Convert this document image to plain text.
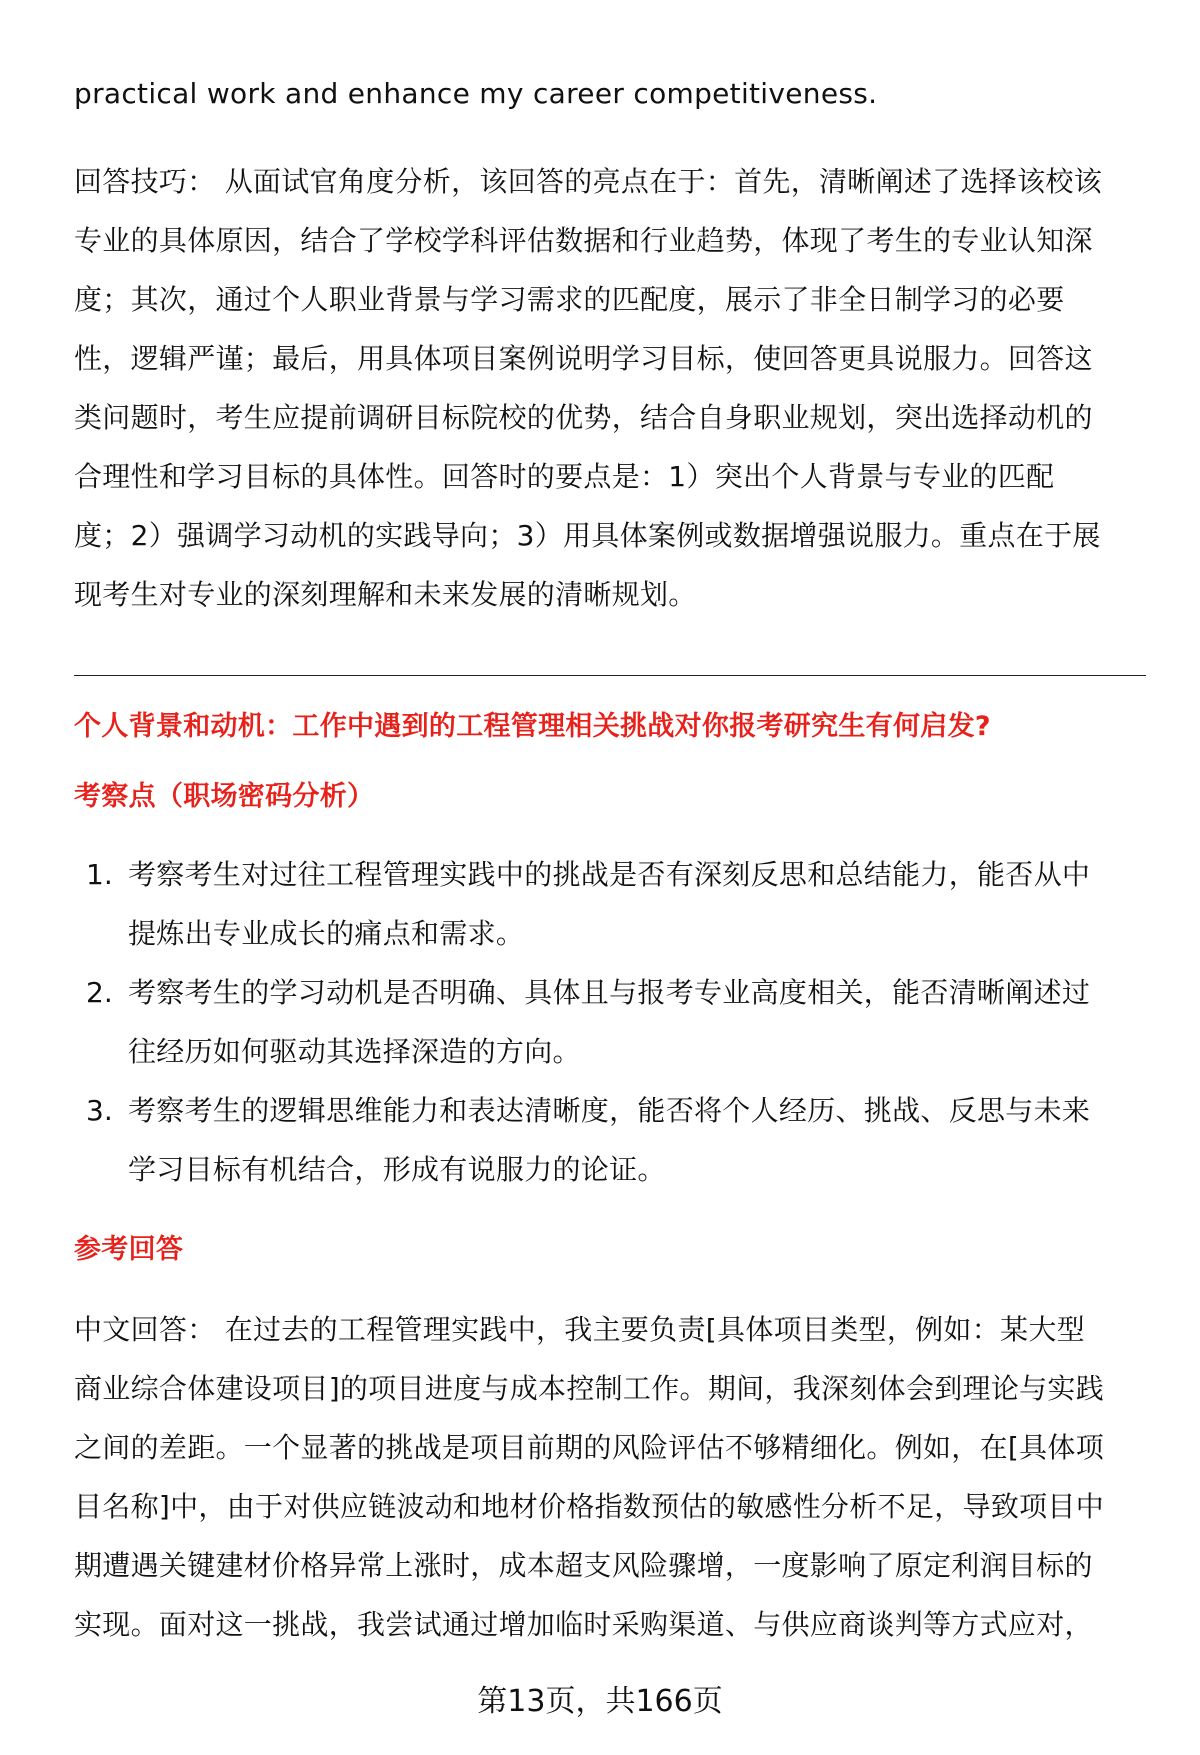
practical work and enhance my career competitiveness.
回答技巧： 从面试官角度分析，该回答的亮点在于：首先，清晰阐述了选择该校该
专业的具体原因，结合了学校学科评估数据和行业趋势，体现了考生的专业认知深
度；其次，通过个人职业背景与学习需求的匹配度，展示了非全日制学习的必要
性，逻辑严谨；最后，用具体项目案例说明学习目标，使回答更具说服力。回答这
类问题时，考生应提前调研目标院校的优势，结合自身职业规划，突出选择动机的
合理性和学习目标的具体性。回答时的要点是：1）突出个人背景与专业的匹配
度；2）强调学习动机的实践导向；3）用具体案例或数据增强说服力。重点在于展
现考生对专业的深刻理解和未来发展的清晰规划。
个人背景和动机：工作中遇到的工程管理相关挑战对你报考研究生有何启发?
考察点（职场密码分析）
1. 考察考生对过往工程管理实践中的挑战是否有深刻反思和总结能力，能否从中
提炼出专业成长的痛点和需求。
2. 考察考生的学习动机是否明确、具体且与报考专业高度相关，能否清晰阐述过
往经历如何驱动其选择深造的方向。
3. 考察考生的逻辑思维能力和表达清晰度，能否将个人经历、挑战、反思与未来
学习目标有机结合，形成有说服力的论证。
参考回答
中文回答： 在过去的工程管理实践中，我主要负责[具体项目类型，例如：某大型
商业综合体建设项目]的项目进度与成本控制工作。期间，我深刻体会到理论与实践
之间的差距。一个显著的挑战是项目前期的风险评估不够精细化。例如，在[具体项
目名称]中，由于对供应链波动和地材价格指数预估的敏感性分析不足，导致项目中
期遭遇关键建材价格异常上涨时，成本超支风险骤增，一度影响了原定利润目标的
实现。面对这一挑战，我尝试通过增加临时采购渠道、与供应商谈判等方式应对，
第13页，共166页
